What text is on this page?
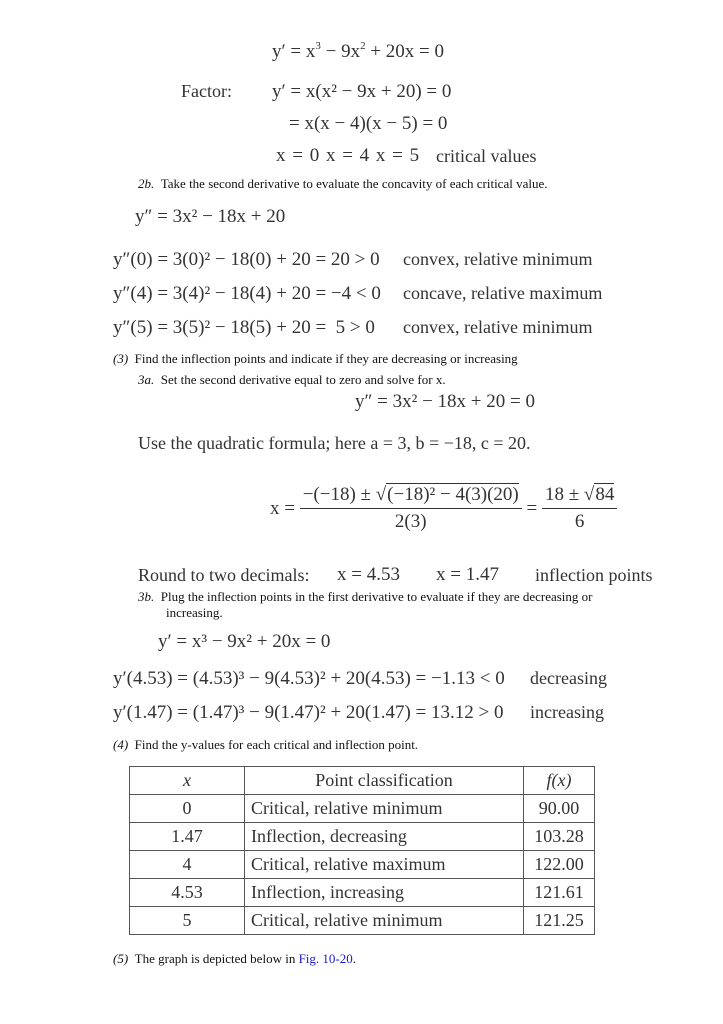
$y' = x^3 - 9x^2 + 20x = 0$
Factor: y′ = x(x² − 9x + 20) = 0
= x(x − 4)(x − 5) = 0
x = 0 x = 4 x = 5 critical values
2b. Take the second derivative to evaluate the concavity of each critical value.
y″ = 3x² − 18x + 20
y″(0) = 3(0)² − 18(0) + 20 = 20 > 0 convex, relative minimum
y″(4) = 3(4)² − 18(4) + 20 = −4 < 0 concave, relative maximum
y″(5) = 3(5)² − 18(5) + 20 =  5 > 0 convex, relative minimum
(3) Find the inflection points and indicate if they are decreasing or increasing
3a. Set the second derivative equal to zero and solve for x.
y″ = 3x² − 18x + 20 = 0
Use the quadratic formula; here a = 3, b = −18, c = 20.
x =
$\frac{\text{−(−18) ± √(−18)² − 4(3)(20)}}{2(3)}$
=
$\frac{18 \pm √84}{6}$
Round to two decimals: x = 4.53 x = 1.47 inflection points
3b. Plug the inflection points in the first derivative to evaluate if they are decreasing or
increasing.
y′ = x³ − 9x² + 20x = 0
y′(4.53) = (4.53)³ − 9(4.53)² + 20(4.53) = −1.13 < 0 decreasing
y′(1.47) = (1.47)³ − 9(1.47)² + 20(1.47) = 13.12 > 0 increasing
(4) Find the y-values for each critical and inflection point.
x	Point classification	f(x)
0	Critical, relative minimum	90.00
1.47	Inflection, decreasing	103.28
4	Critical, relative maximum	122.00
4.53	Inflection, increasing	121.61
5	Critical, relative minimum	121.25
(5) The graph is depicted below in Fig. 10-20.
